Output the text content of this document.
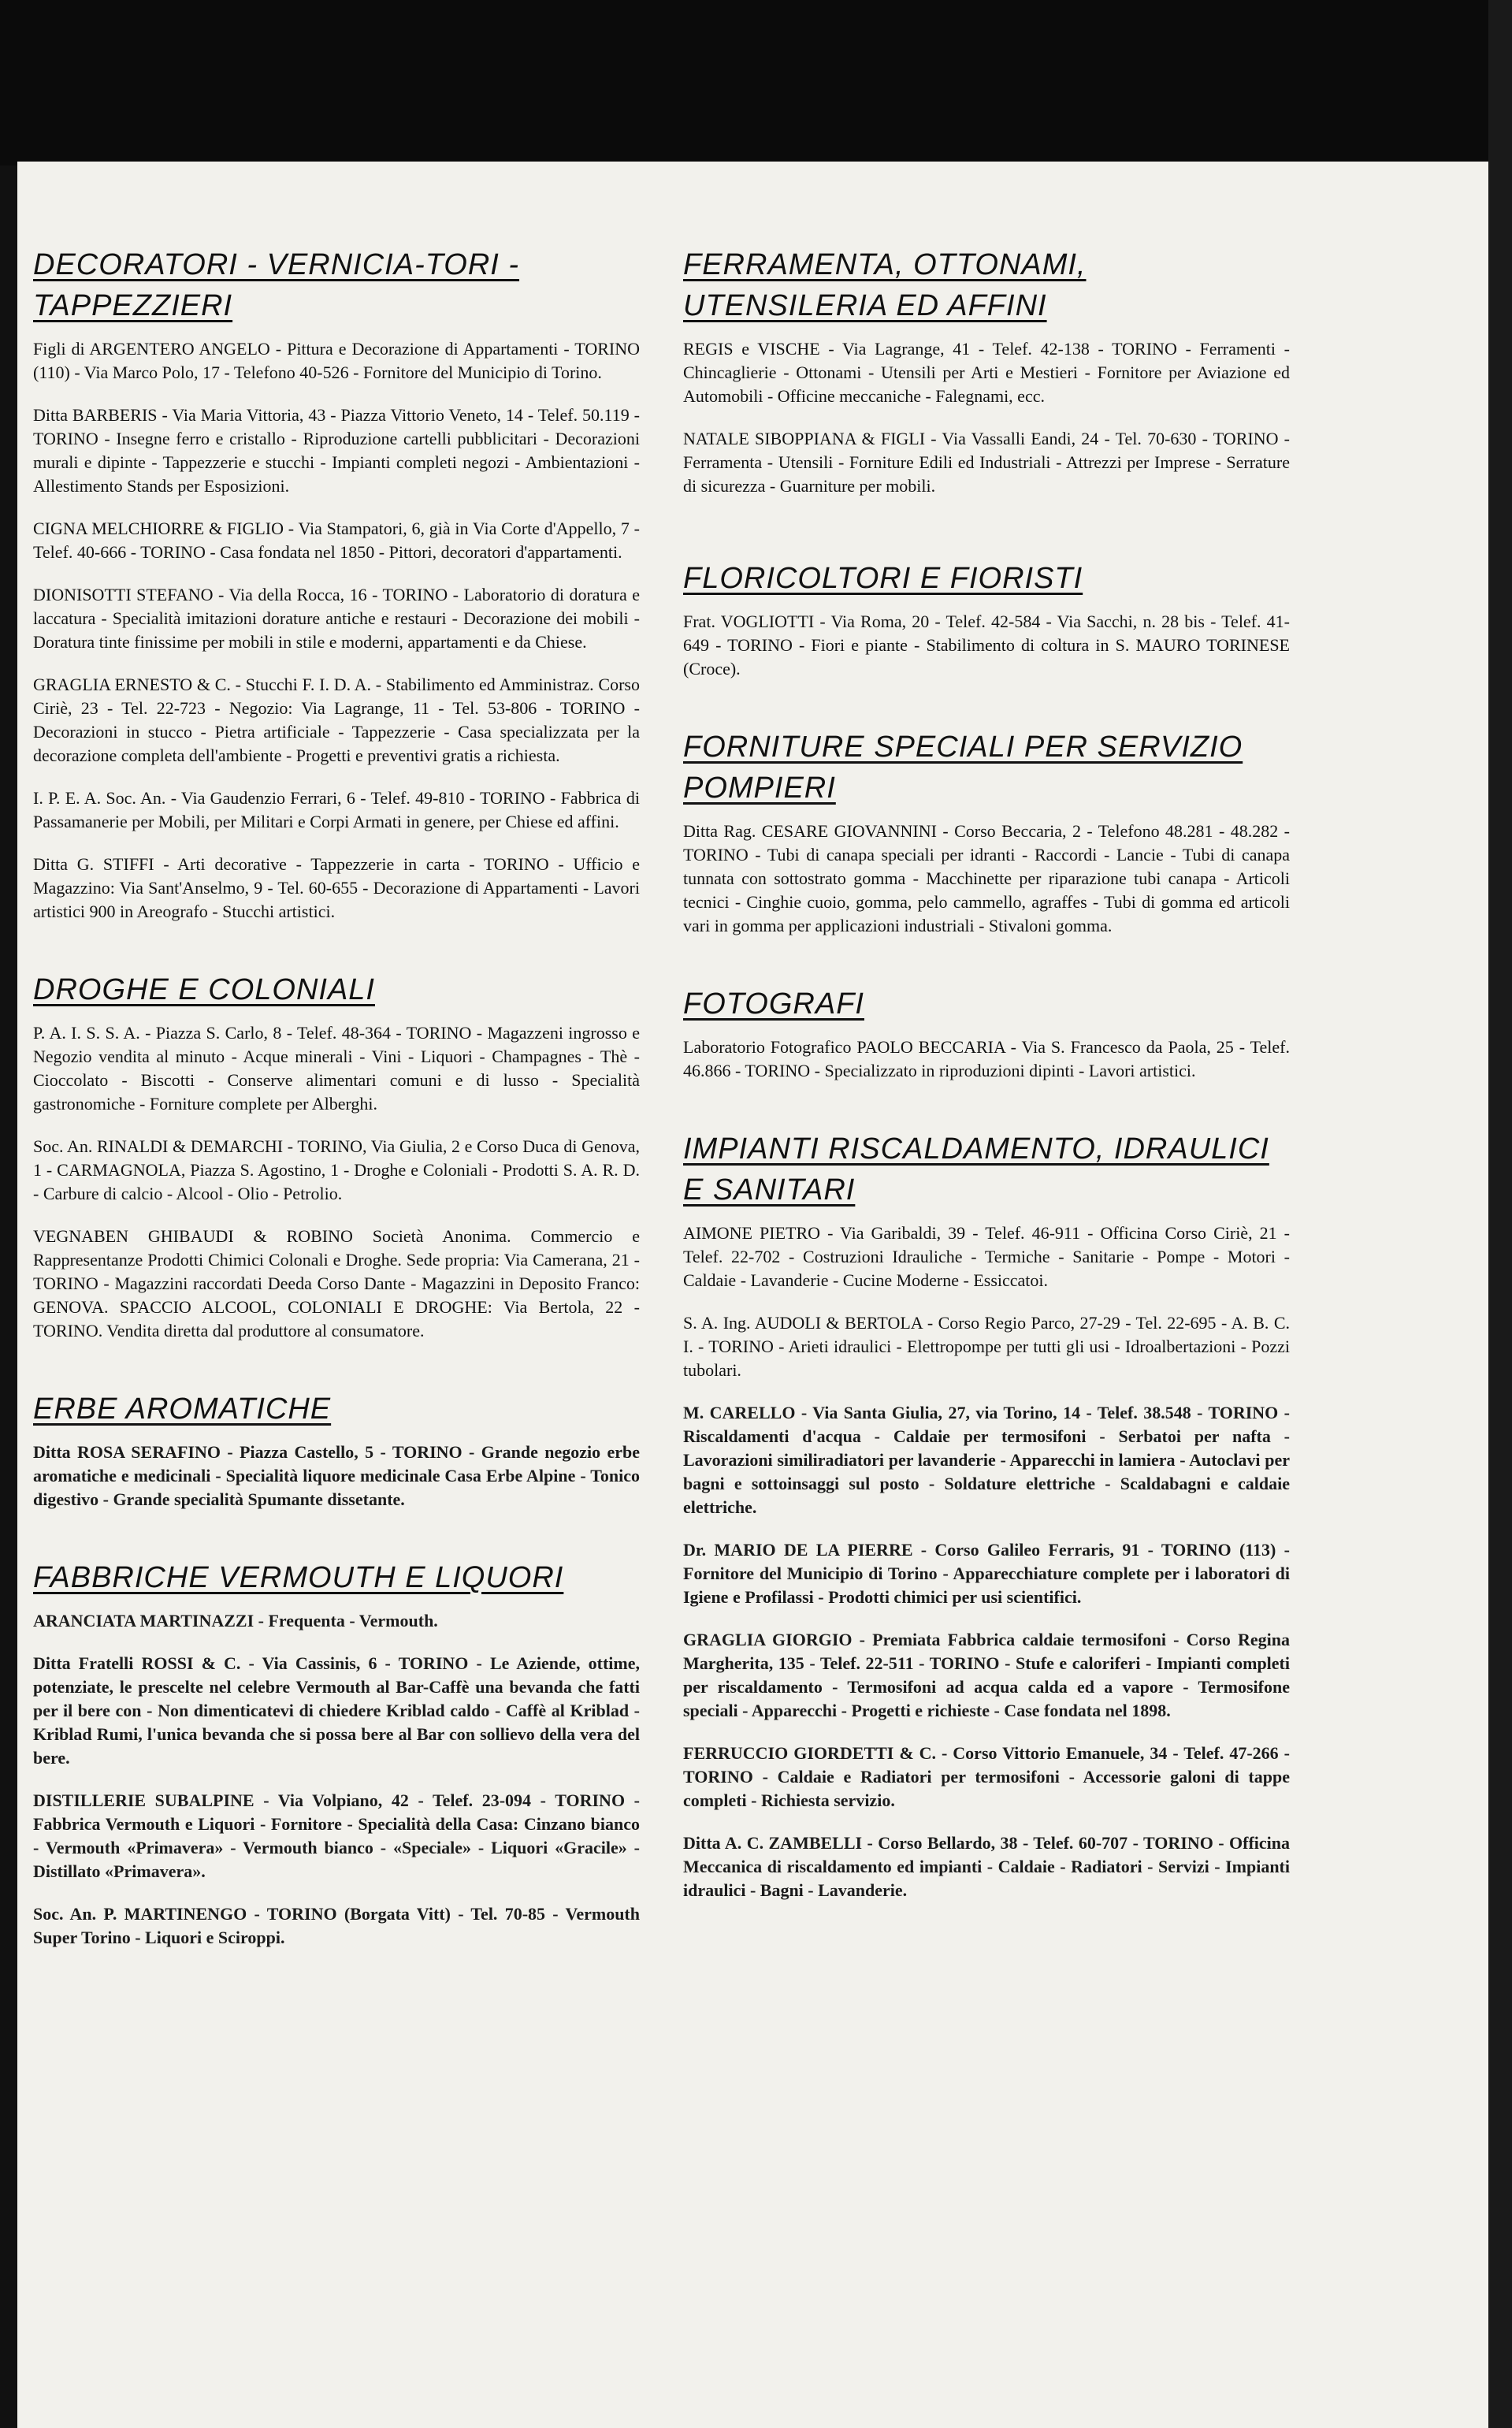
DECORATORI - VERNICIA-TORI - TAPPEZZIERI

Figli di ARGENTERO ANGELO - Pittura e Decorazione di Appartamenti - TORINO (110) - Via Marco Polo, 17 - Telefono 40-526 - Fornitore del Municipio di Torino.

Ditta BARBERIS - Via Maria Vittoria, 43 - Piazza Vittorio Veneto, 14 - Telef. 50.119 - TORINO - Insegne ferro e cristallo - Riproduzione cartelli pubblicitari - Decorazioni murali e dipinte - Tappezzerie e stucchi - Impianti completi negozi - Ambientazioni - Allestimento Stands per Esposizioni.

CIGNA MELCHIORRE & FIGLIO - Via Stampatori, 6, già in Via Corte d'Appello, 7 - Telef. 40-666 - TORINO - Casa fondata nel 1850 - Pittori, decoratori d'appartamenti.

DIONISOTTI STEFANO - Via della Rocca, 16 - TORINO - Laboratorio di doratura e laccatura - Specialità imitazioni dorature antiche e restauri - Decorazione dei mobili - Doratura tinte finissime per mobili in stile e moderni, appartamenti e da Chiese.

GRAGLIA ERNESTO & C. - Stucchi F. I. D. A. - Stabilimento ed Amministraz. Corso Ciriè, 23 - Tel. 22-723 - Negozio: Via Lagrange, 11 - Tel. 53-806 - TORINO - Decorazioni in stucco - Pietra artificiale - Tappezzerie - Casa specializzata per la decorazione completa dell'ambiente - Progetti e preventivi gratis a richiesta.

I. P. E. A. Soc. An. - Via Gaudenzio Ferrari, 6 - Telef. 49-810 - TORINO - Fabbrica di Passamanerie per Mobili, per Militari e Corpi Armati in genere, per Chiese ed affini.

Ditta G. STIFFI - Arti decorative - Tappezzerie in carta - TORINO - Ufficio e Magazzino: Via Sant'Anselmo, 9 - Tel. 60-655 - Decorazione di Appartamenti - Lavori artistici 900 in Areografo - Stucchi artistici.

DROGHE E COLONIALI

P. A. I. S. S. A. - Piazza S. Carlo, 8 - Telef. 48-364 - TORINO - Magazzeni ingrosso e Negozio vendita al minuto - Acque minerali - Vini - Liquori - Champagnes - Thè - Cioccolato - Biscotti - Conserve alimentari comuni e di lusso - Specialità gastronomiche - Forniture complete per Alberghi.

Soc. An. RINALDI & DEMARCHI - TORINO, Via Giulia, 2 e Corso Duca di Genova, 1 - CARMAGNOLA, Piazza S. Agostino, 1 - Droghe e Coloniali - Prodotti S. A. R. D. - Carbure di calcio - Alcool - Olio - Petrolio.

VEGNABEN GHIBAUDI & ROBINO Società Anonima. Commercio e Rappresentanze Prodotti Chimici Colonali e Droghe. Sede propria: Via Camerana, 21 - TORINO - Magazzini raccordati Deeda Corso Dante - Magazzini in Deposito Franco: GENOVA. SPACCIO ALCOOL, COLONIALI E DROGHE: Via Bertola, 22 - TORINO. Vendita diretta dal produttore al consumatore.

ERBE AROMATICHE

Ditta ROSA SERAFINO - Piazza Castello, 5 - TORINO - Grande negozio erbe aromatiche e medicinali - Specialità liquore medicinale Casa Erbe Alpine - Tonico digestivo - Grande specialità Spumante dissetante.

FABBRICHE VERMOUTH E LIQUORI

ARANCIATA MARTINAZZI - Frequenta - Vermouth.

Ditta Fratelli ROSSI & C. - Via Cassinis, 6 - TORINO - Le Aziende, ottime, potenziate, le prescelte nel celebre Vermouth al Bar-Caffè una bevanda che fatti per il bere con - Non dimenticatevi di chiedere Kriblad caldo - Caffè al Kriblad - Kriblad Rumi, l'unica bevanda che si possa bere al Bar con sollievo della vera del bere.

DISTILLERIE SUBALPINE - Via Volpiano, 42 - Telef. 23-094 - TORINO - Fabbrica Vermouth e Liquori - Fornitore - Specialità della Casa: Cinzano bianco - Vermouth «Primavera» - Vermouth bianco - «Speciale» - Liquori «Gracile» - Distillato «Primavera».

Soc. An. P. MARTINENGO - TORINO (Borgata Vitt) - Tel. 70-85 - Vermouth Super Torino - Liquori e Sciroppi.

FERRAMENTA, OTTONAMI, UTENSILERIA ED AFFINI

REGIS e VISCHE - Via Lagrange, 41 - Telef. 42-138 - TORINO - Ferramenti - Chincaglierie - Ottonami - Utensili per Arti e Mestieri - Fornitore per Aviazione ed Automobili - Officine meccaniche - Falegnami, ecc.

NATALE SIBOPPIANA & FIGLI - Via Vassalli Eandi, 24 - Tel. 70-630 - TORINO - Ferramenta - Utensili - Forniture Edili ed Industriali - Attrezzi per Imprese - Serrature di sicurezza - Guarniture per mobili.

FLORICOLTORI E FIORISTI

Frat. VOGLIOTTI - Via Roma, 20 - Telef. 42-584 - Via Sacchi, n. 28 bis - Telef. 41-649 - TORINO - Fiori e piante - Stabilimento di coltura in S. MAURO TORINESE (Croce).

FORNITURE SPECIALI PER SERVIZIO POMPIERI

Ditta Rag. CESARE GIOVANNINI - Corso Beccaria, 2 - Telefono 48.281 - 48.282 - TORINO - Tubi di canapa speciali per idranti - Raccordi - Lancie - Tubi di canapa tunnata con sottostrato gomma - Macchinette per riparazione tubi canapa - Articoli tecnici - Cinghie cuoio, gomma, pelo cammello, agraffes - Tubi di gomma ed articoli vari in gomma per applicazioni industriali - Stivaloni gomma.

FOTOGRAFI

Laboratorio Fotografico PAOLO BECCARIA - Via S. Francesco da Paola, 25 - Telef. 46.866 - TORINO - Specializzato in riproduzioni dipinti - Lavori artistici.

IMPIANTI RISCALDAMENTO, IDRAULICI E SANITARI

AIMONE PIETRO - Via Garibaldi, 39 - Telef. 46-911 - Officina Corso Ciriè, 21 - Telef. 22-702 - Costruzioni Idrauliche - Termiche - Sanitarie - Pompe - Motori - Caldaie - Lavanderie - Cucine Moderne - Essiccatoi.

S. A. Ing. AUDOLI & BERTOLA - Corso Regio Parco, 27-29 - Tel. 22-695 - A. B. C. I. - TORINO - Arieti idraulici - Elettropompe per tutti gli usi - Idroalbertazioni - Pozzi tubolari.

M. CARELLO - Via Santa Giulia, 27, via Torino, 14 - Telef. 38.548 - TORINO - Riscaldamenti d'acqua - Caldaie per termosifoni - Serbatoi per nafta - Lavorazioni similiradiatori per lavanderie - Apparecchi in lamiera - Autoclavi per bagni e sottoinsaggi sul posto - Soldature elettriche - Scaldabagni e caldaie elettriche.

Dr. MARIO DE LA PIERRE - Corso Galileo Ferraris, 91 - TORINO (113) - Fornitore del Municipio di Torino - Apparecchiature complete per i laboratori di Igiene e Profilassi - Prodotti chimici per usi scientifici.

GRAGLIA GIORGIO - Premiata Fabbrica caldaie termosifoni - Corso Regina Margherita, 135 - Telef. 22-511 - TORINO - Stufe e caloriferi - Impianti completi per riscaldamento - Termosifoni ad acqua calda ed a vapore - Termosifone speciali - Apparecchi - Progetti e richieste - Case fondata nel 1898.

FERRUCCIO GIORDETTI & C. - Corso Vittorio Emanuele, 34 - Telef. 47-266 - TORINO - Caldaie e Radiatori per termosifoni - Accessorie galoni di tappe completi - Richiesta servizio.

Ditta A. C. ZAMBELLI - Corso Bellardo, 38 - Telef. 60-707 - TORINO - Officina Meccanica di riscaldamento ed impianti - Caldaie - Radiatori - Servizi - Impianti idraulici - Bagni - Lavanderie.
